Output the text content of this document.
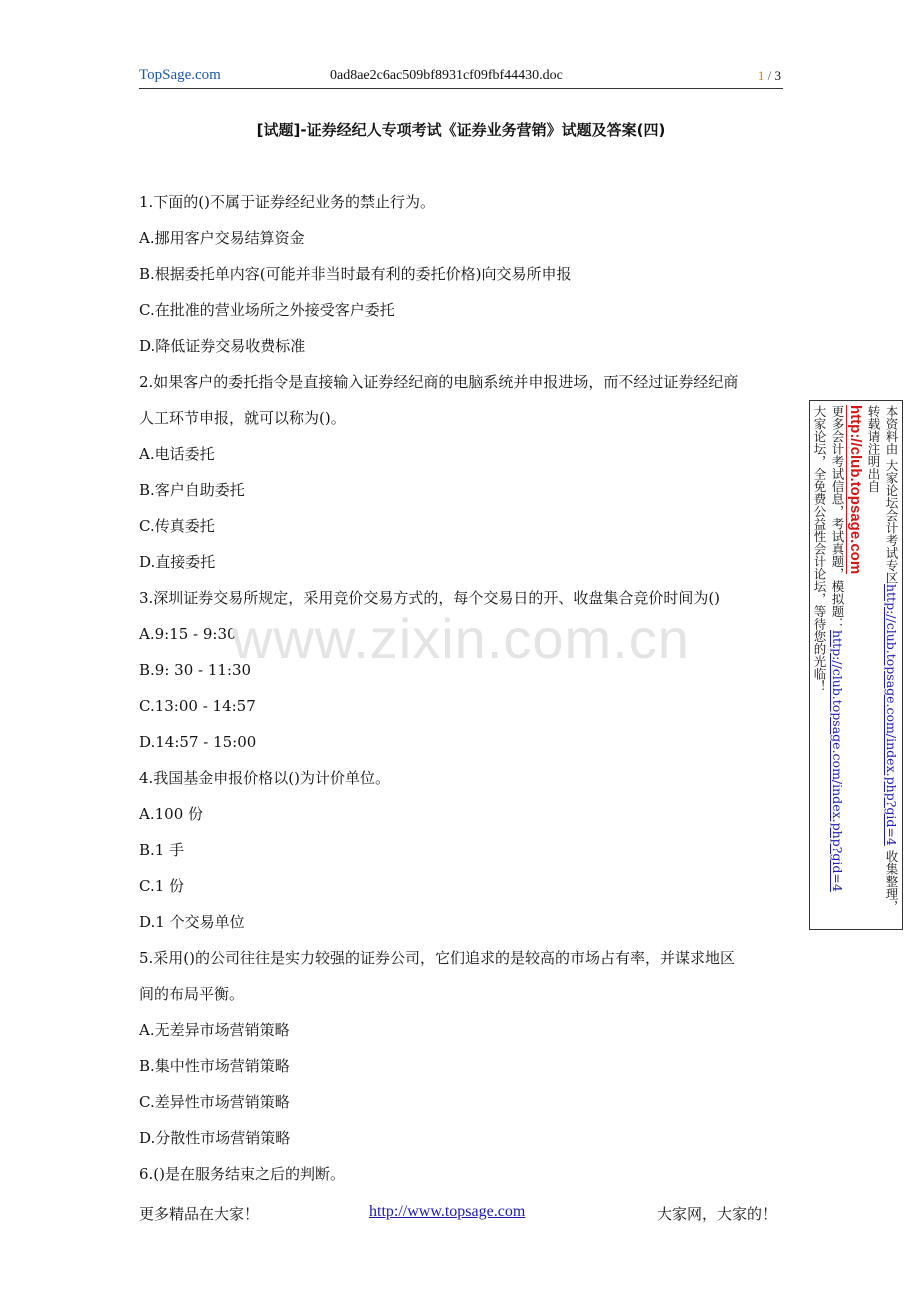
TopSage.com	0ad8ae2c6ac509bf8931cf09fbf44430.doc	1 / 3
[试题]-证券经纪人专项考试《证券业务营销》试题及答案(四)
1.下面的()不属于证券经纪业务的禁止行为。
A.挪用客户交易结算资金
B.根据委托单内容(可能并非当时最有利的委托价格)向交易所申报
C.在批准的营业场所之外接受客户委托
D.降低证券交易收费标准
2.如果客户的委托指令是直接输入证券经纪商的电脑系统并申报进场，而不经过证券经纪商
人工环节申报，就可以称为()。
A.电话委托
B.客户自助委托
C.传真委托
D.直接委托
3.深圳证券交易所规定，采用竞价交易方式的，每个交易日的开、收盘集合竞价时间为()
A.9:15 - 9:30
B.9: 30 - 11:30
C.13:00 - 14:57
D.14:57 - 15:00
4.我国基金申报价格以()为计价单位。
A.100 份
B.1 手
C.1 份
D.1 个交易单位
5.采用()的公司往往是实力较强的证券公司，它们追求的是较高的市场占有率，并谋求地区
间的布局平衡。
A.无差异市场营销策略
B.集中性市场营销策略
C.差异性市场营销策略
D.分散性市场营销策略
6.()是在服务结束之后的判断。
www.zixin.com.cn
本资料由 大家论坛会计考试专区http://club.topsage.com/index.php?gid=4 收集整理，
转载请注明出自
http://club.topsage.com
更多会计考试信息，考试真题，模拟题：http://club.topsage.com/index.php?gid=4
大家论坛，全免费公益性会计论坛，等待您的光临！
更多精品在大家！	http://www.topsage.com	大家网，大家的！
